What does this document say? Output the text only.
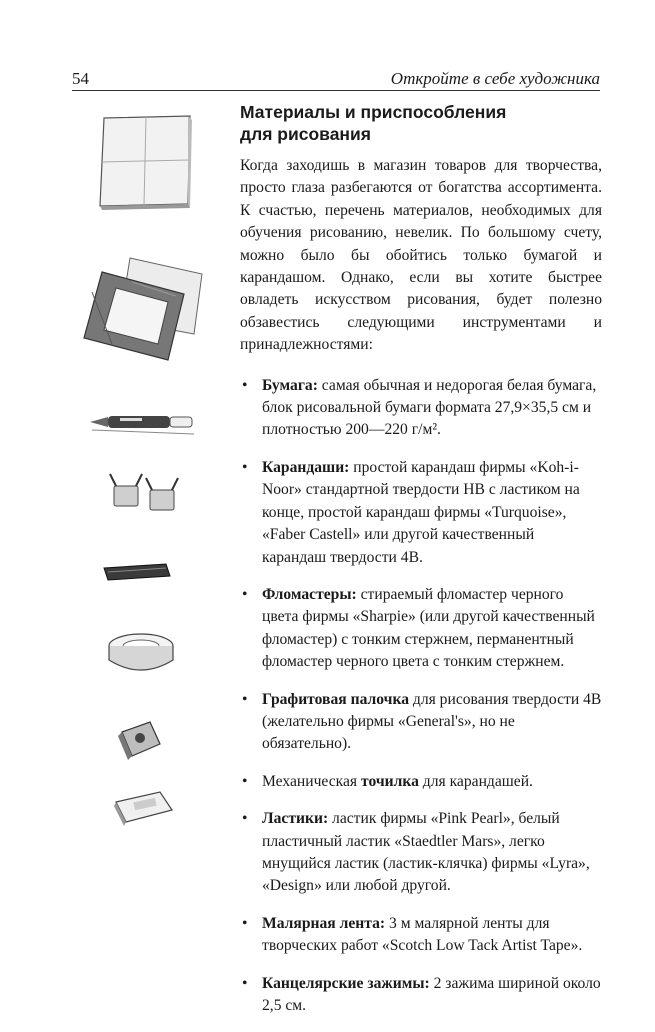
54	Откройте в себе художника
Материалы и приспособления
для рисования

Когда заходишь в магазин товаров для творчества, просто глаза разбегаются от богатства ассортимента. К счастью, перечень материалов, необходимых для обучения рисованию, невелик. По большому счету, можно было бы обойтись только бумагой и карандашом. Однако, если вы хотите быстрее овладеть искусством рисования, будет полезно обзавестись следующими инструментами и принадлежностями:

• Бумага: самая обычная и недорогая белая бумага, блок рисовальной бумаги формата 27,9×35,5 см и плотностью 200—220 г/м².
• Карандаши: простой карандаш фирмы «Koh-i-Noor» стандартной твердости HB с ластиком на конце, простой карандаш фирмы «Turquoise», «Faber Castell» или другой качественный карандаш твердости 4B.
• Фломастеры: стираемый фломастер черного цвета фирмы «Sharpie» (или другой качественный фломастер) с тонким стержнем, перманентный фломастер черного цвета с тонким стержнем.
• Графитовая палочка для рисования твердости 4B (желательно фирмы «General's», но не обязательно).
• Механическая точилка для карандашей.
• Ластики: ластик фирмы «Pink Pearl», белый пластичный ластик «Staedtler Mars», легко мнущийся ластик (ластик-клячка) фирмы «Lyra», «Design» или любой другой.
• Малярная лента: 3 м малярной ленты для творческих работ «Scotch Low Tack Artist Tape».
• Канцелярские зажимы: 2 зажима шириной около 2,5 см.
